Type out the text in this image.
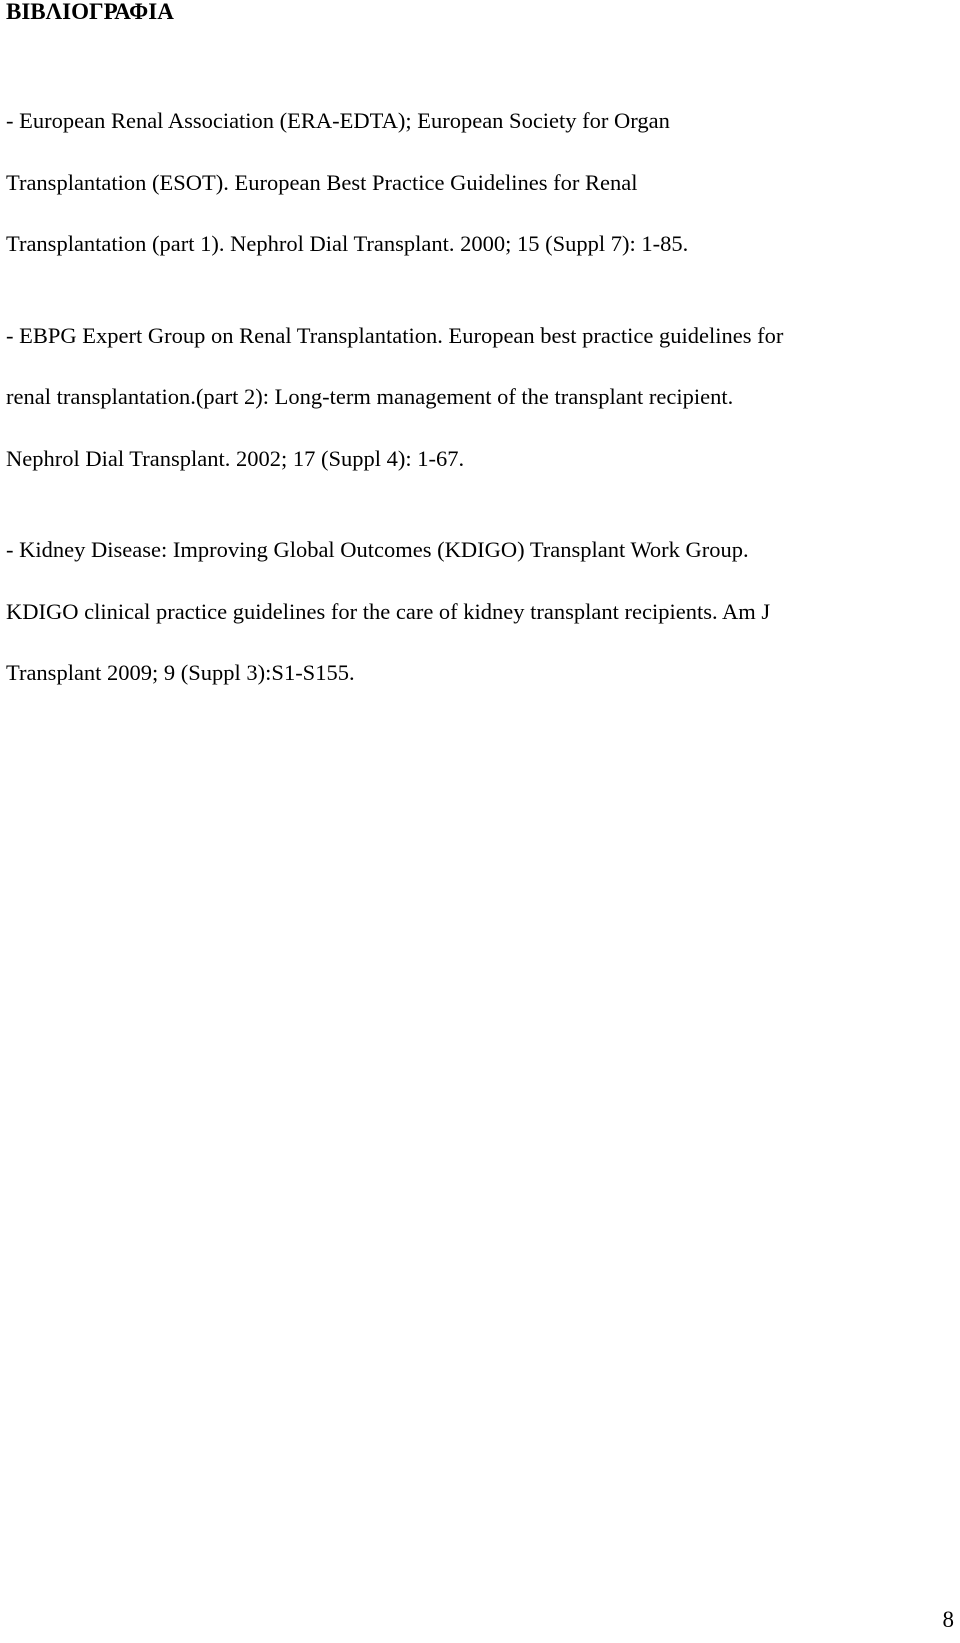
ΒΙΒΛΙΟΓΡΑΦΙΑ
- European Renal Association (ERA-EDTA); European Society for Organ
Transplantation (ESOT). European Best Practice Guidelines for Renal
Transplantation (part 1). Nephrol Dial Transplant. 2000; 15 (Suppl 7): 1-85.
- EBPG Expert Group on Renal Transplantation. European best practice guidelines for
renal transplantation.(part 2): Long-term management of the transplant recipient.
Nephrol Dial Transplant. 2002; 17 (Suppl 4): 1-67.
- Kidney Disease: Improving Global Outcomes (KDIGO) Transplant Work Group.
KDIGO clinical practice guidelines for the care of kidney transplant recipients. Am J
Transplant 2009; 9 (Suppl 3):S1-S155.
8
